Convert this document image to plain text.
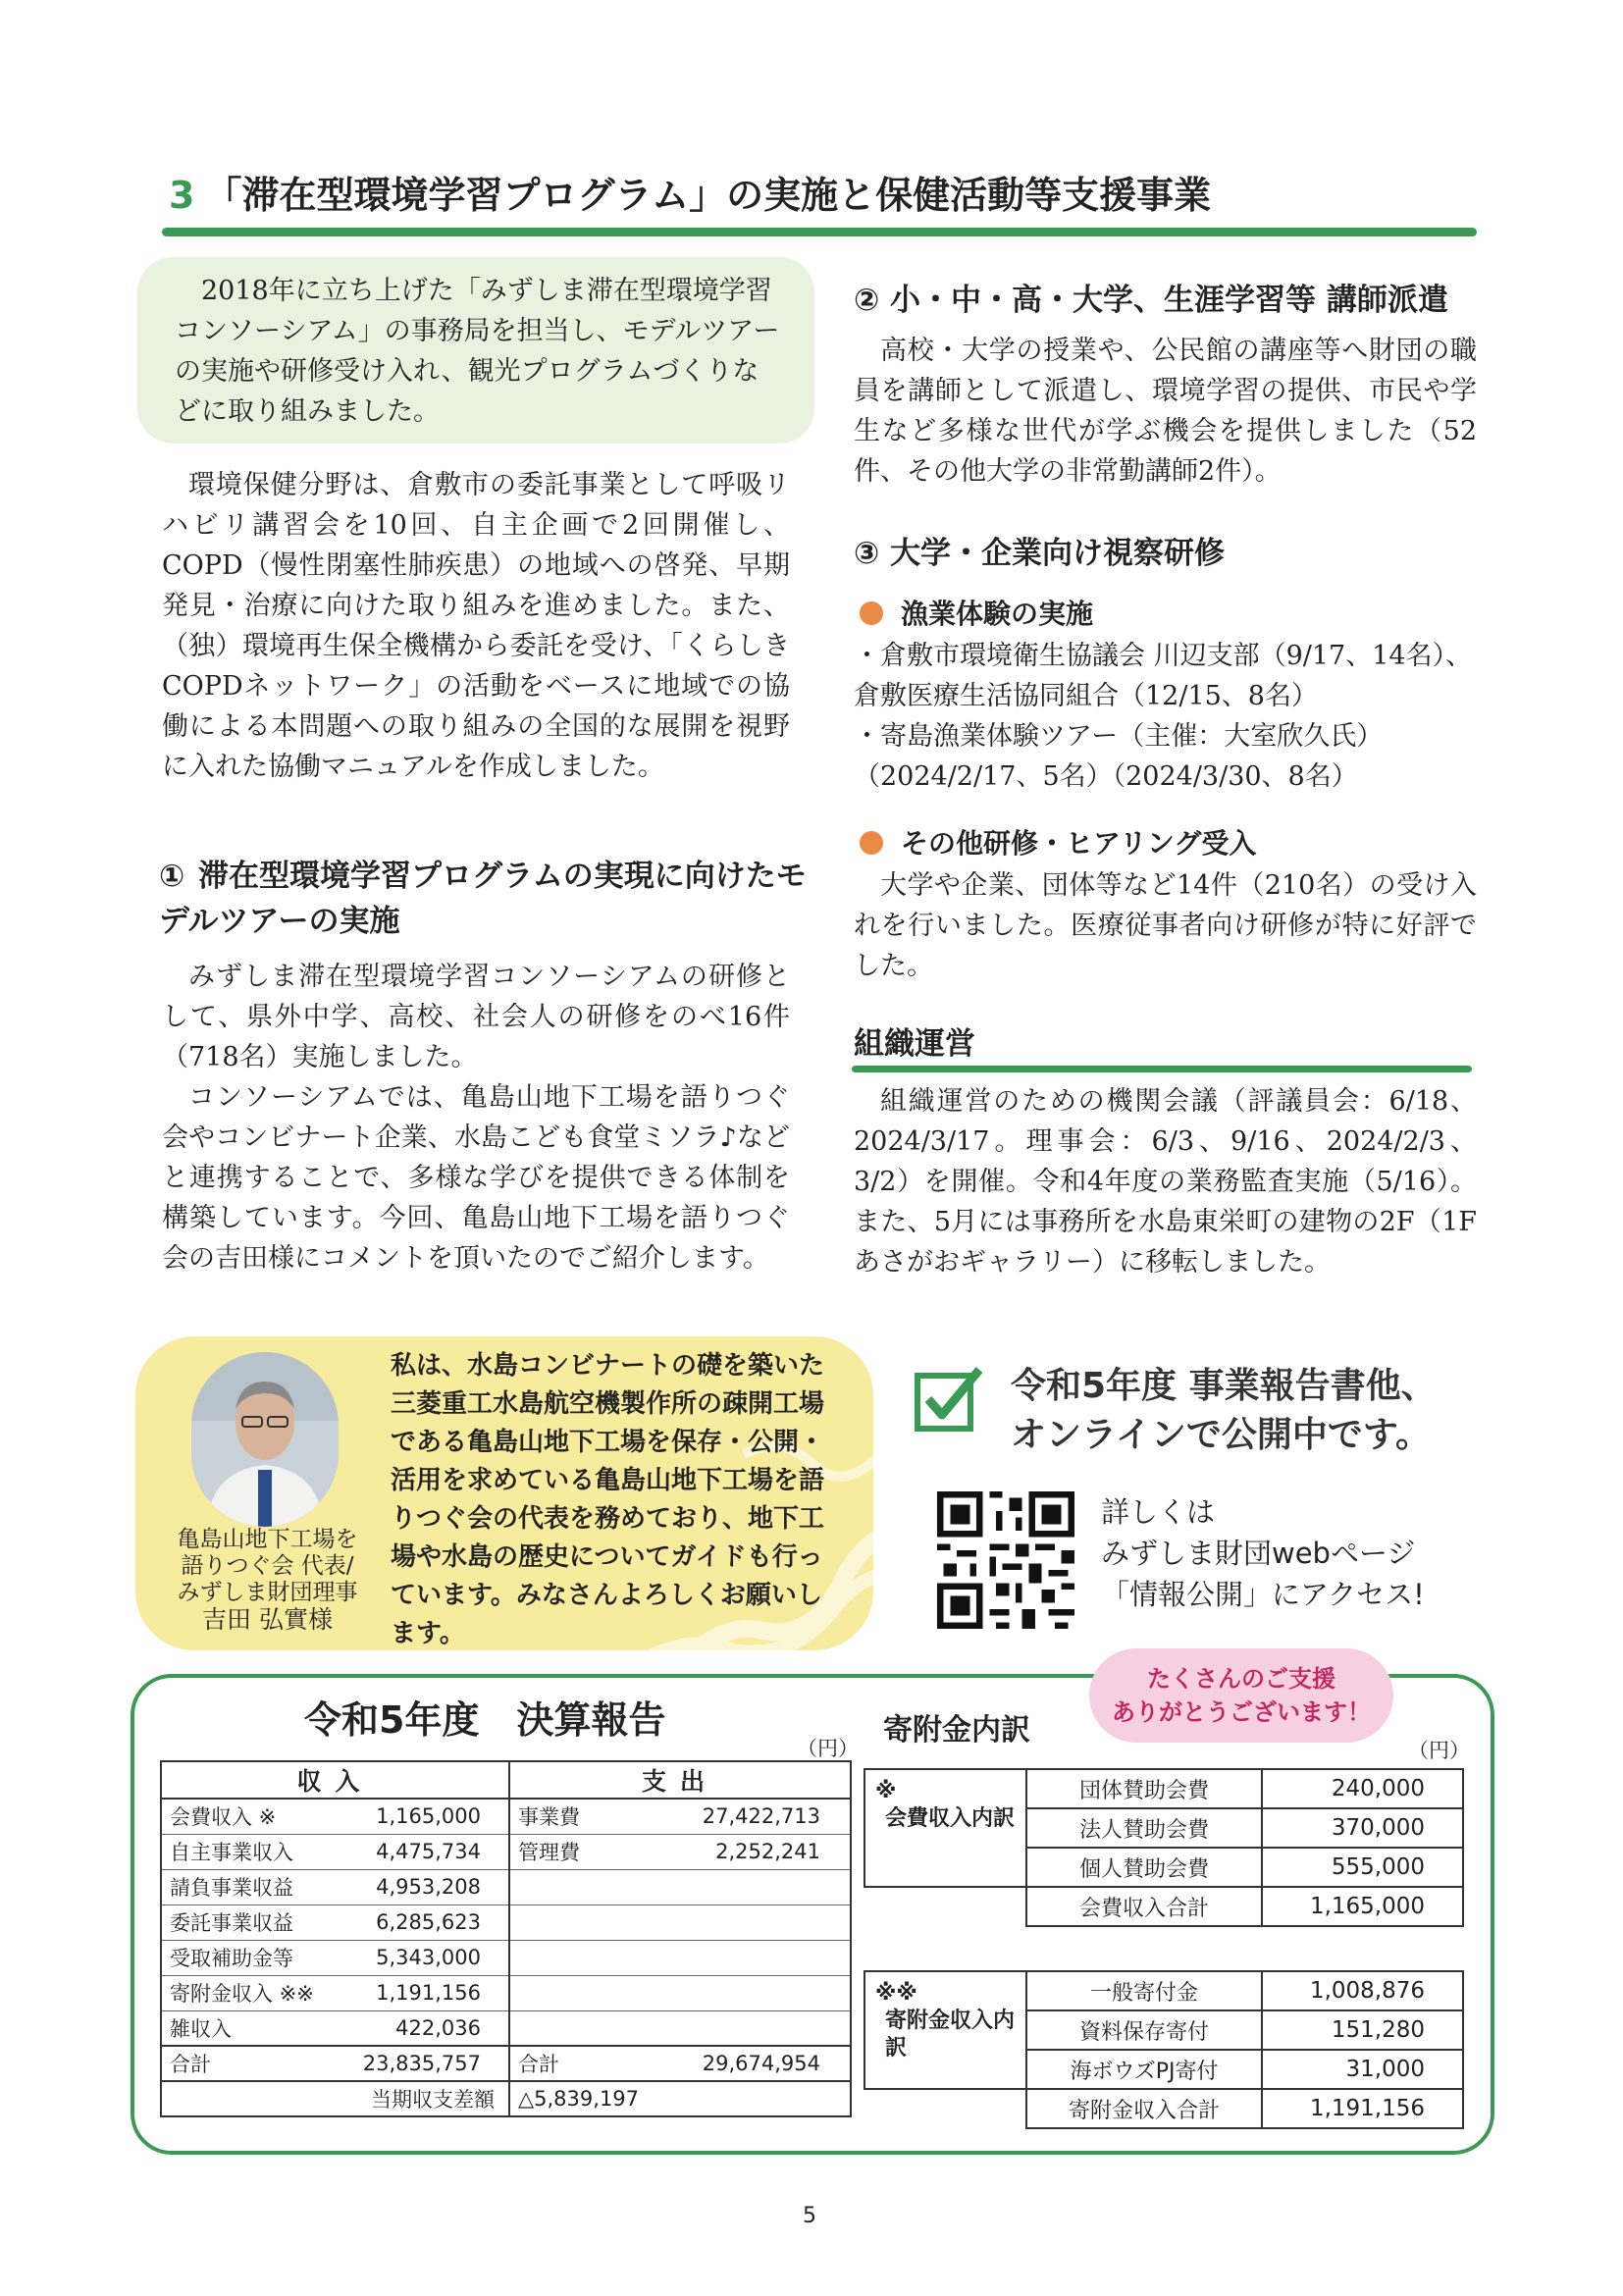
3 「滞在型環境学習プログラム」の実施と保健活動等支援事業

2018年に立ち上げた「みずしま滞在型環境学習コンソーシアム」の事務局を担当し、モデルツアーの実施や研修受け入れ、観光プログラムづくりなどに取り組みました。

環境保健分野は、倉敷市の委託事業として呼吸リハビリ講習会を10回、自主企画で2回開催し、COPD（慢性閉塞性肺疾患）の地域への啓発、早期発見・治療に向けた取り組みを進めました。また、（独）環境再生保全機構から委託を受け、「くらしきCOPDネットワーク」の活動をベースに地域での協働による本問題への取り組みの全国的な展開を視野に入れた協働マニュアルを作成しました。

① 滞在型環境学習プログラムの実現に向けたモデルツアーの実施

みずしま滞在型環境学習コンソーシアムの研修として、県外中学、高校、社会人の研修をのべ16件（718名）実施しました。

コンソーシアムでは、亀島山地下工場を語りつぐ会やコンビナート企業、水島こども食堂ミソラ♪などと連携することで、多様な学びを提供できる体制を構築しています。今回、亀島山地下工場を語りつぐ会の吉田様にコメントを頂いたのでご紹介します。

② 小・中・高・大学、生涯学習等 講師派遣

高校・大学の授業や、公民館の講座等へ財団の職員を講師として派遣し、環境学習の提供、市民や学生など多様な世代が学ぶ機会を提供しました（52件、その他大学の非常勤講師2件）。

③ 大学・企業向け視察研修
漁業体験の実施
・倉敷市環境衛生協議会 川辺支部（9/17、14名）、倉敷医療生活協同組合（12/15、8名）
・寄島漁業体験ツアー（主催：大室欣久氏）（2024/2/17、5名）（2024/3/30、8名）
その他研修・ヒアリング受入

大学や企業、団体等など14件（210名）の受け入れを行いました。医療従事者向け研修が特に好評でした。

組織運営

組織運営のための機関会議（評議員会：6/18、2024/3/17。理事会：6/3、9/16、2024/2/3、3/2）を開催。令和4年度の業務監査実施（5/16）。また、5月には事務所を水島東栄町の建物の2F（1Fあさがおギャラリー）に移転しました。

亀島山地下工場を
語りつぐ会 代表/
みずしま財団理事
吉田 弘實様
私は、水島コンビナートの礎を築いた三菱重工水島航空機製作所の疎開工場である亀島山地下工場を保存・公開・活用を求めている亀島山地下工場を語りつぐ会の代表を務めており、地下工場や水島の歴史についてガイドも行っています。みなさんよろしくお願いします。
令和5年度 事業報告書他、
オンラインで公開中です。
詳しくは
みずしま財団webページ
「情報公開」にアクセス!
たくさんのご支援
ありがとうございます！
令和5年度　決算報告
（円）
寄附金内訳
（円）
収入		支出	
会費収入 ※	1,165,000	事業費	27,422,713
自主事業収入	4,475,734	管理費	2,252,241
請負事業収益	4,953,208		
委託事業収益	6,285,623		
受取補助金等	5,343,000		
寄附金収入 ※※	1,191,156		
雑収入	422,036		
合計	23,835,757	合計	29,674,954
当期収支差額		△5,839,197	
※
会費収入内訳	団体賛助会費	240,000
	法人賛助会費	370,000
	個人賛助会費	555,000
	会費収入合計	1,165,000
※※
寄附金収入内訳	一般寄付金	1,008,876
	資料保存寄付	151,280
	海ボウズPJ寄付	31,000
	寄附金収入合計	1,191,156
5
